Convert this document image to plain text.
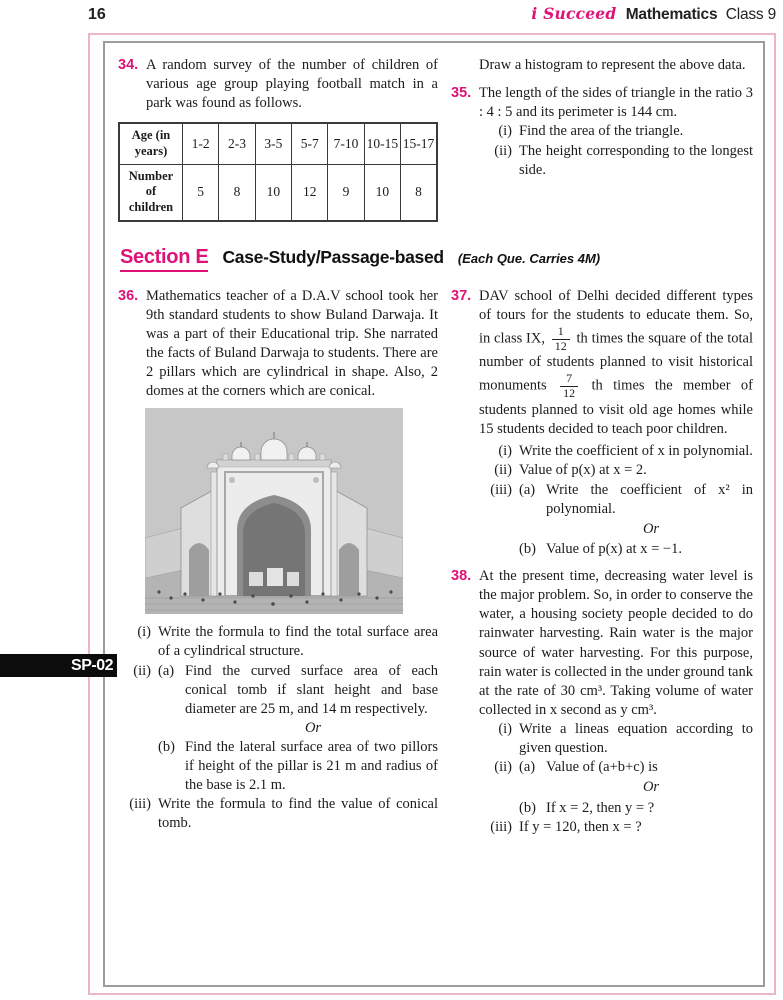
16	i Succeed Mathematics Class 9
34. A random survey of the number of children of various age group playing football match in a park was found as follows.
Age (in years)	1-2	2-3	3-5	5-7	7-10	10-15	15-17
Number of children	5	8	10	12	9	10	8
Draw a histogram to represent the above data.
35. The length of the sides of triangle in the ratio 3 : 4 : 5 and its perimeter is 144 cm.
(i) Find the area of the triangle.
(ii) The height corresponding to the longest side.
Section E Case-Study/Passage-based (Each Que. Carries 4M)
36. Mathematics teacher of a D.A.V school took her 9th standard students to show Buland Darwaja. It was a part of their Educational trip. She narrated the facts of Buland Darwaja to students. There are 2 pillars which are cylindrical in shape. Also, 2 domes at the corners which are conical.
(i) Write the formula to find the total surface area of a cylindrical structure.
(ii) (a) Find the curved surface area of each conical tomb if slant height and base diameter are 25 m, and 14 m respectively.
Or
(b) Find the lateral surface area of two pillors if height of the pillar is 21 m and radius of the base is 2.1 m.
(iii) Write the formula to find the value of conical tomb.
37. DAV school of Delhi decided different types of tours for the students to educate them. So, in class IX, $\frac{1}{12}$ th times the square of the total number of students planned to visit historical monuments $\frac{7}{12}$ th times the member of students planned to visit old age homes while 15 students decided to teach poor children.
(i) Write the coefficient of x in polynomial.
(ii) Value of p(x) at x = 2.
(iii) (a) Write the coefficient of x² in polynomial.
Or
(b) Value of p(x) at x = −1.
38. At the present time, decreasing water level is the major problem. So, in order to conserve the water, a housing society people decided to do rainwater harvesting. Rain water is the major source of water harvesting. For this purpose, rain water is collected in the under ground tank at the rate of 30 cm³. Taking volume of water collected in x second as y cm³.
(i) Write a lineas equation according to given question.
(ii) (a) Value of (a+b+c) is
Or
(b) If x = 2, then y = ?
(iii) If y = 120, then x = ?
SP-02
